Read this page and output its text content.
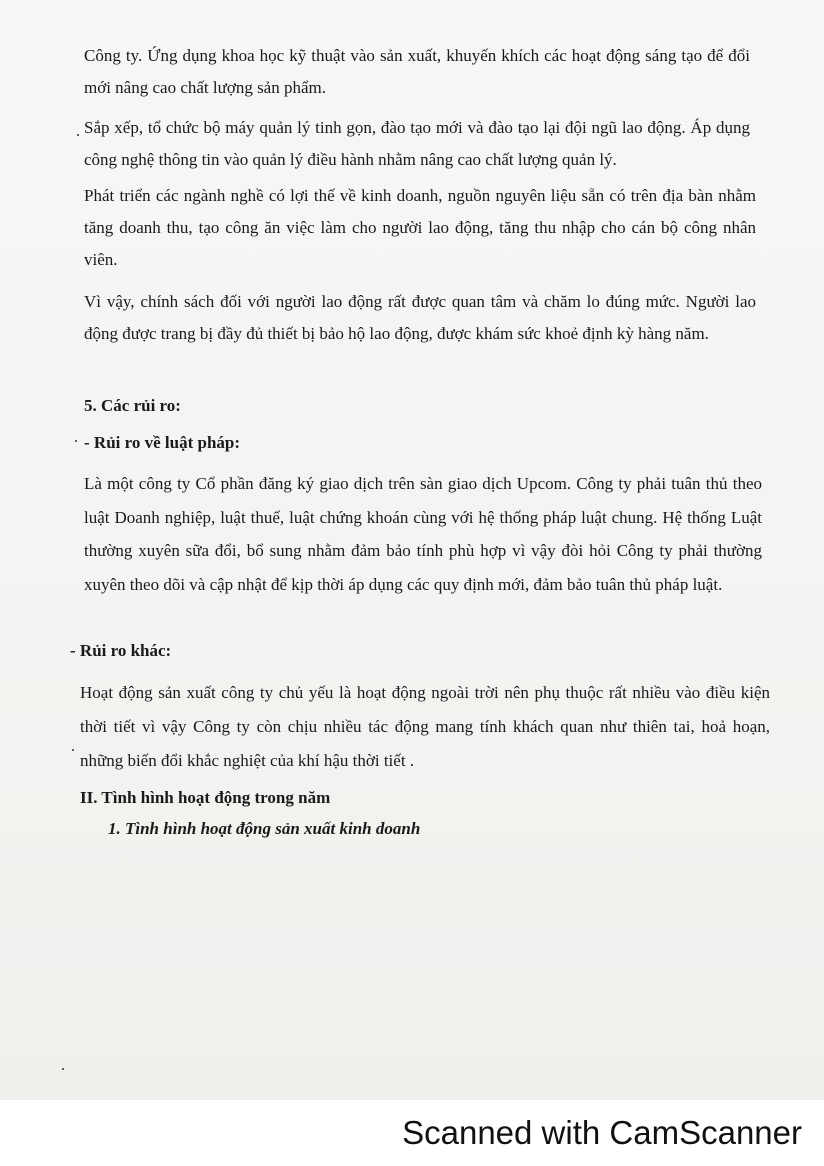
Công ty. Ứng dụng khoa học kỹ thuật vào sản xuất, khuyến khích các hoạt động sáng tạo để đổi mới nâng cao chất lượng sản phẩm.

Sắp xếp, tổ chức bộ máy quản lý tinh gọn, đào tạo mới và đào tạo lại đội ngũ lao động. Áp dụng công nghệ thông tin vào quản lý điều hành nhằm nâng cao chất lượng quản lý.

Phát triển các ngành nghề có lợi thế về kinh doanh, nguồn nguyên liệu sẵn có trên địa bàn nhằm tăng doanh thu, tạo công ăn việc làm cho người lao động, tăng thu nhập cho cán bộ công nhân viên.

Vì vậy, chính sách đối với người lao động rất được quan tâm và chăm lo đúng mức. Người lao động được trang bị đầy đủ thiết bị bảo hộ lao động, được khám sức khoẻ định kỳ hàng năm.

5. Các rủi ro:
- Rủi ro về luật pháp:

Là một công ty Cổ phần đăng ký giao dịch trên sàn giao dịch Upcom. Công ty phải tuân thủ theo luật Doanh nghiệp, luật thuế, luật chứng khoán cùng với hệ thống pháp luật chung. Hệ thống Luật thường xuyên sữa đổi, bổ sung nhằm đảm bảo tính phù hợp vì vậy đòi hỏi Công ty phải thường xuyên theo dõi và cập nhật để kịp thời áp dụng các quy định mới, đảm bảo tuân thủ pháp luật.

- Rủi ro khác:

Hoạt động sản xuất công ty chủ yếu là hoạt động ngoài trời nên phụ thuộc rất nhiều vào điều kiện thời tiết vì vậy Công ty còn chịu nhiều tác động mang tính khách quan như thiên tai, hoả hoạn, những biến đổi khắc nghiệt của khí hậu thời tiết .

II. Tình hình hoạt động trong năm
1. Tình hình hoạt động sản xuất kinh doanh
Scanned with CamScanner
